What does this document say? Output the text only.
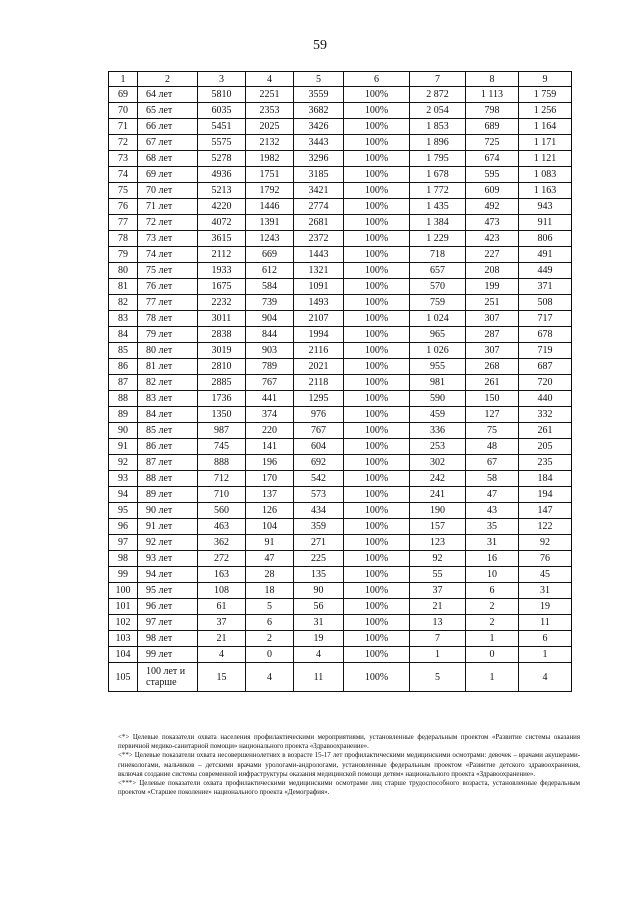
59
1	2	3	4	5	6	7	8	9
69	64 лет	5810	2251	3559	100%	2 872	1 113	1 759
70	65 лет	6035	2353	3682	100%	2 054	798	1 256
71	66 лет	5451	2025	3426	100%	1 853	689	1 164
72	67 лет	5575	2132	3443	100%	1 896	725	1 171
73	68 лет	5278	1982	3296	100%	1 795	674	1 121
74	69 лет	4936	1751	3185	100%	1 678	595	1 083
75	70 лет	5213	1792	3421	100%	1 772	609	1 163
76	71 лет	4220	1446	2774	100%	1 435	492	943
77	72 лет	4072	1391	2681	100%	1 384	473	911
78	73 лет	3615	1243	2372	100%	1 229	423	806
79	74 лет	2112	669	1443	100%	718	227	491
80	75 лет	1933	612	1321	100%	657	208	449
81	76 лет	1675	584	1091	100%	570	199	371
82	77 лет	2232	739	1493	100%	759	251	508
83	78 лет	3011	904	2107	100%	1 024	307	717
84	79 лет	2838	844	1994	100%	965	287	678
85	80 лет	3019	903	2116	100%	1 026	307	719
86	81 лет	2810	789	2021	100%	955	268	687
87	82 лет	2885	767	2118	100%	981	261	720
88	83 лет	1736	441	1295	100%	590	150	440
89	84 лет	1350	374	976	100%	459	127	332
90	85 лет	987	220	767	100%	336	75	261
91	86 лет	745	141	604	100%	253	48	205
92	87 лет	888	196	692	100%	302	67	235
93	88 лет	712	170	542	100%	242	58	184
94	89 лет	710	137	573	100%	241	47	194
95	90 лет	560	126	434	100%	190	43	147
96	91 лет	463	104	359	100%	157	35	122
97	92 лет	362	91	271	100%	123	31	92
98	93 лет	272	47	225	100%	92	16	76
99	94 лет	163	28	135	100%	55	10	45
100	95 лет	108	18	90	100%	37	6	31
101	96 лет	61	5	56	100%	21	2	19
102	97 лет	37	6	31	100%	13	2	11
103	98 лет	21	2	19	100%	7	1	6
104	99 лет	4	0	4	100%	1	0	1
105	100 лет и старше	15	4	11	100%	5	1	4

<*> Целевые показатели охвата населения профилактическими мероприятиями, установленные федеральным проектом «Развитие системы оказания первичной медико-санитарной помощи» национального проекта «Здравоохранение».

<**> Целевые показатели охвата несовершеннолетних в возрасте 15-17 лет профилактическими медицинскими осмотрами: девочек – врачами акушерами-гинекологами, мальчиков – детскими врачами урологами-андрологами, установленные федеральным проектом «Развитие детского здравоохранения, включая создание системы современной инфраструктуры оказания медицинской помощи детям» национального проекта «Здравоохранение».

<***> Целевые показатели охвата профилактическими медицинскими осмотрами лиц старше трудоспособного возраста, установленные федеральным проектом «Старшее поколение» национального проекта «Демография».
